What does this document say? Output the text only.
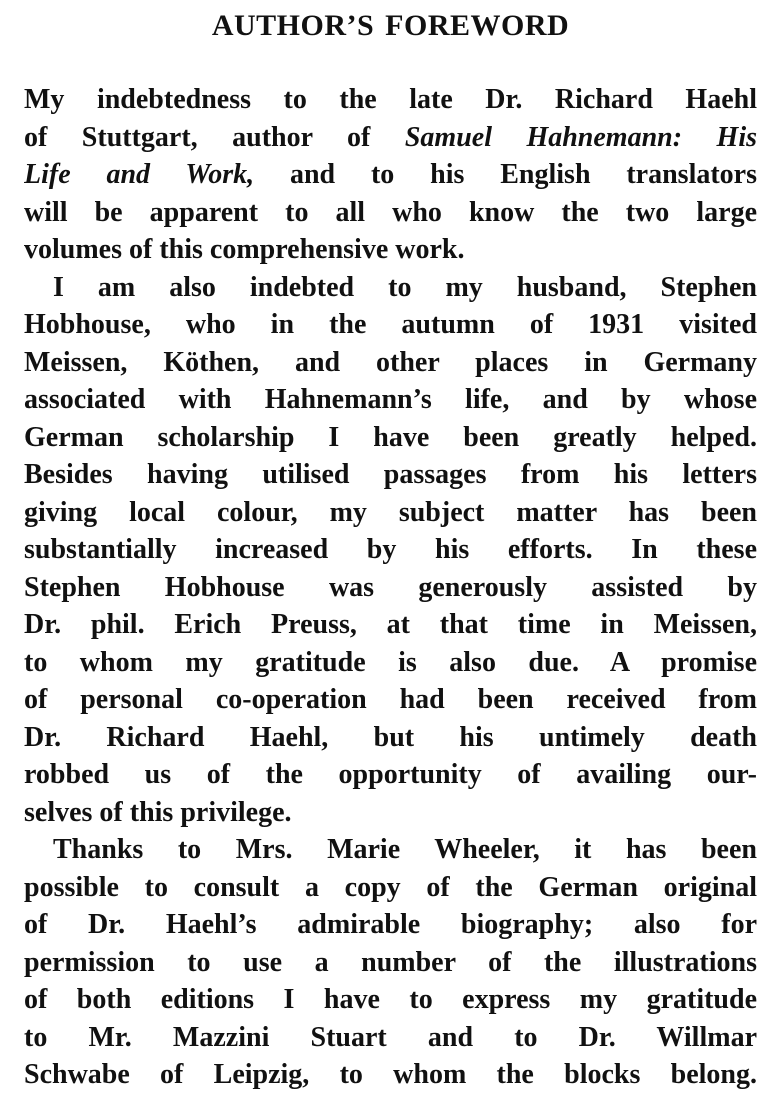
AUTHOR’S FOREWORD
My indebtedness to the late Dr. Richard Haehl
of Stuttgart, author of Samuel Hahnemann: His
Life and Work, and to his English translators
will be apparent to all who know the two large
volumes of this comprehensive work.
I am also indebted to my husband, Stephen
Hobhouse, who in the autumn of 1931 visited
Meissen, Köthen, and other places in Germany
associated with Hahnemann’s life, and by whose
German scholarship I have been greatly helped.
Besides having utilised passages from his letters
giving local colour, my subject matter has been
substantially increased by his efforts. In these
Stephen Hobhouse was generously assisted by
Dr. phil. Erich Preuss, at that time in Meissen,
to whom my gratitude is also due. A promise
of personal co-operation had been received from
Dr. Richard Haehl, but his untimely death
robbed us of the opportunity of availing our-
selves of this privilege.
Thanks to Mrs. Marie Wheeler, it has been
possible to consult a copy of the German original
of Dr. Haehl’s admirable biography; also for
permission to use a number of the illustrations
of both editions I have to express my gratitude
to Mr. Mazzini Stuart and to Dr. Willmar
Schwabe of Leipzig, to whom the blocks belong.
